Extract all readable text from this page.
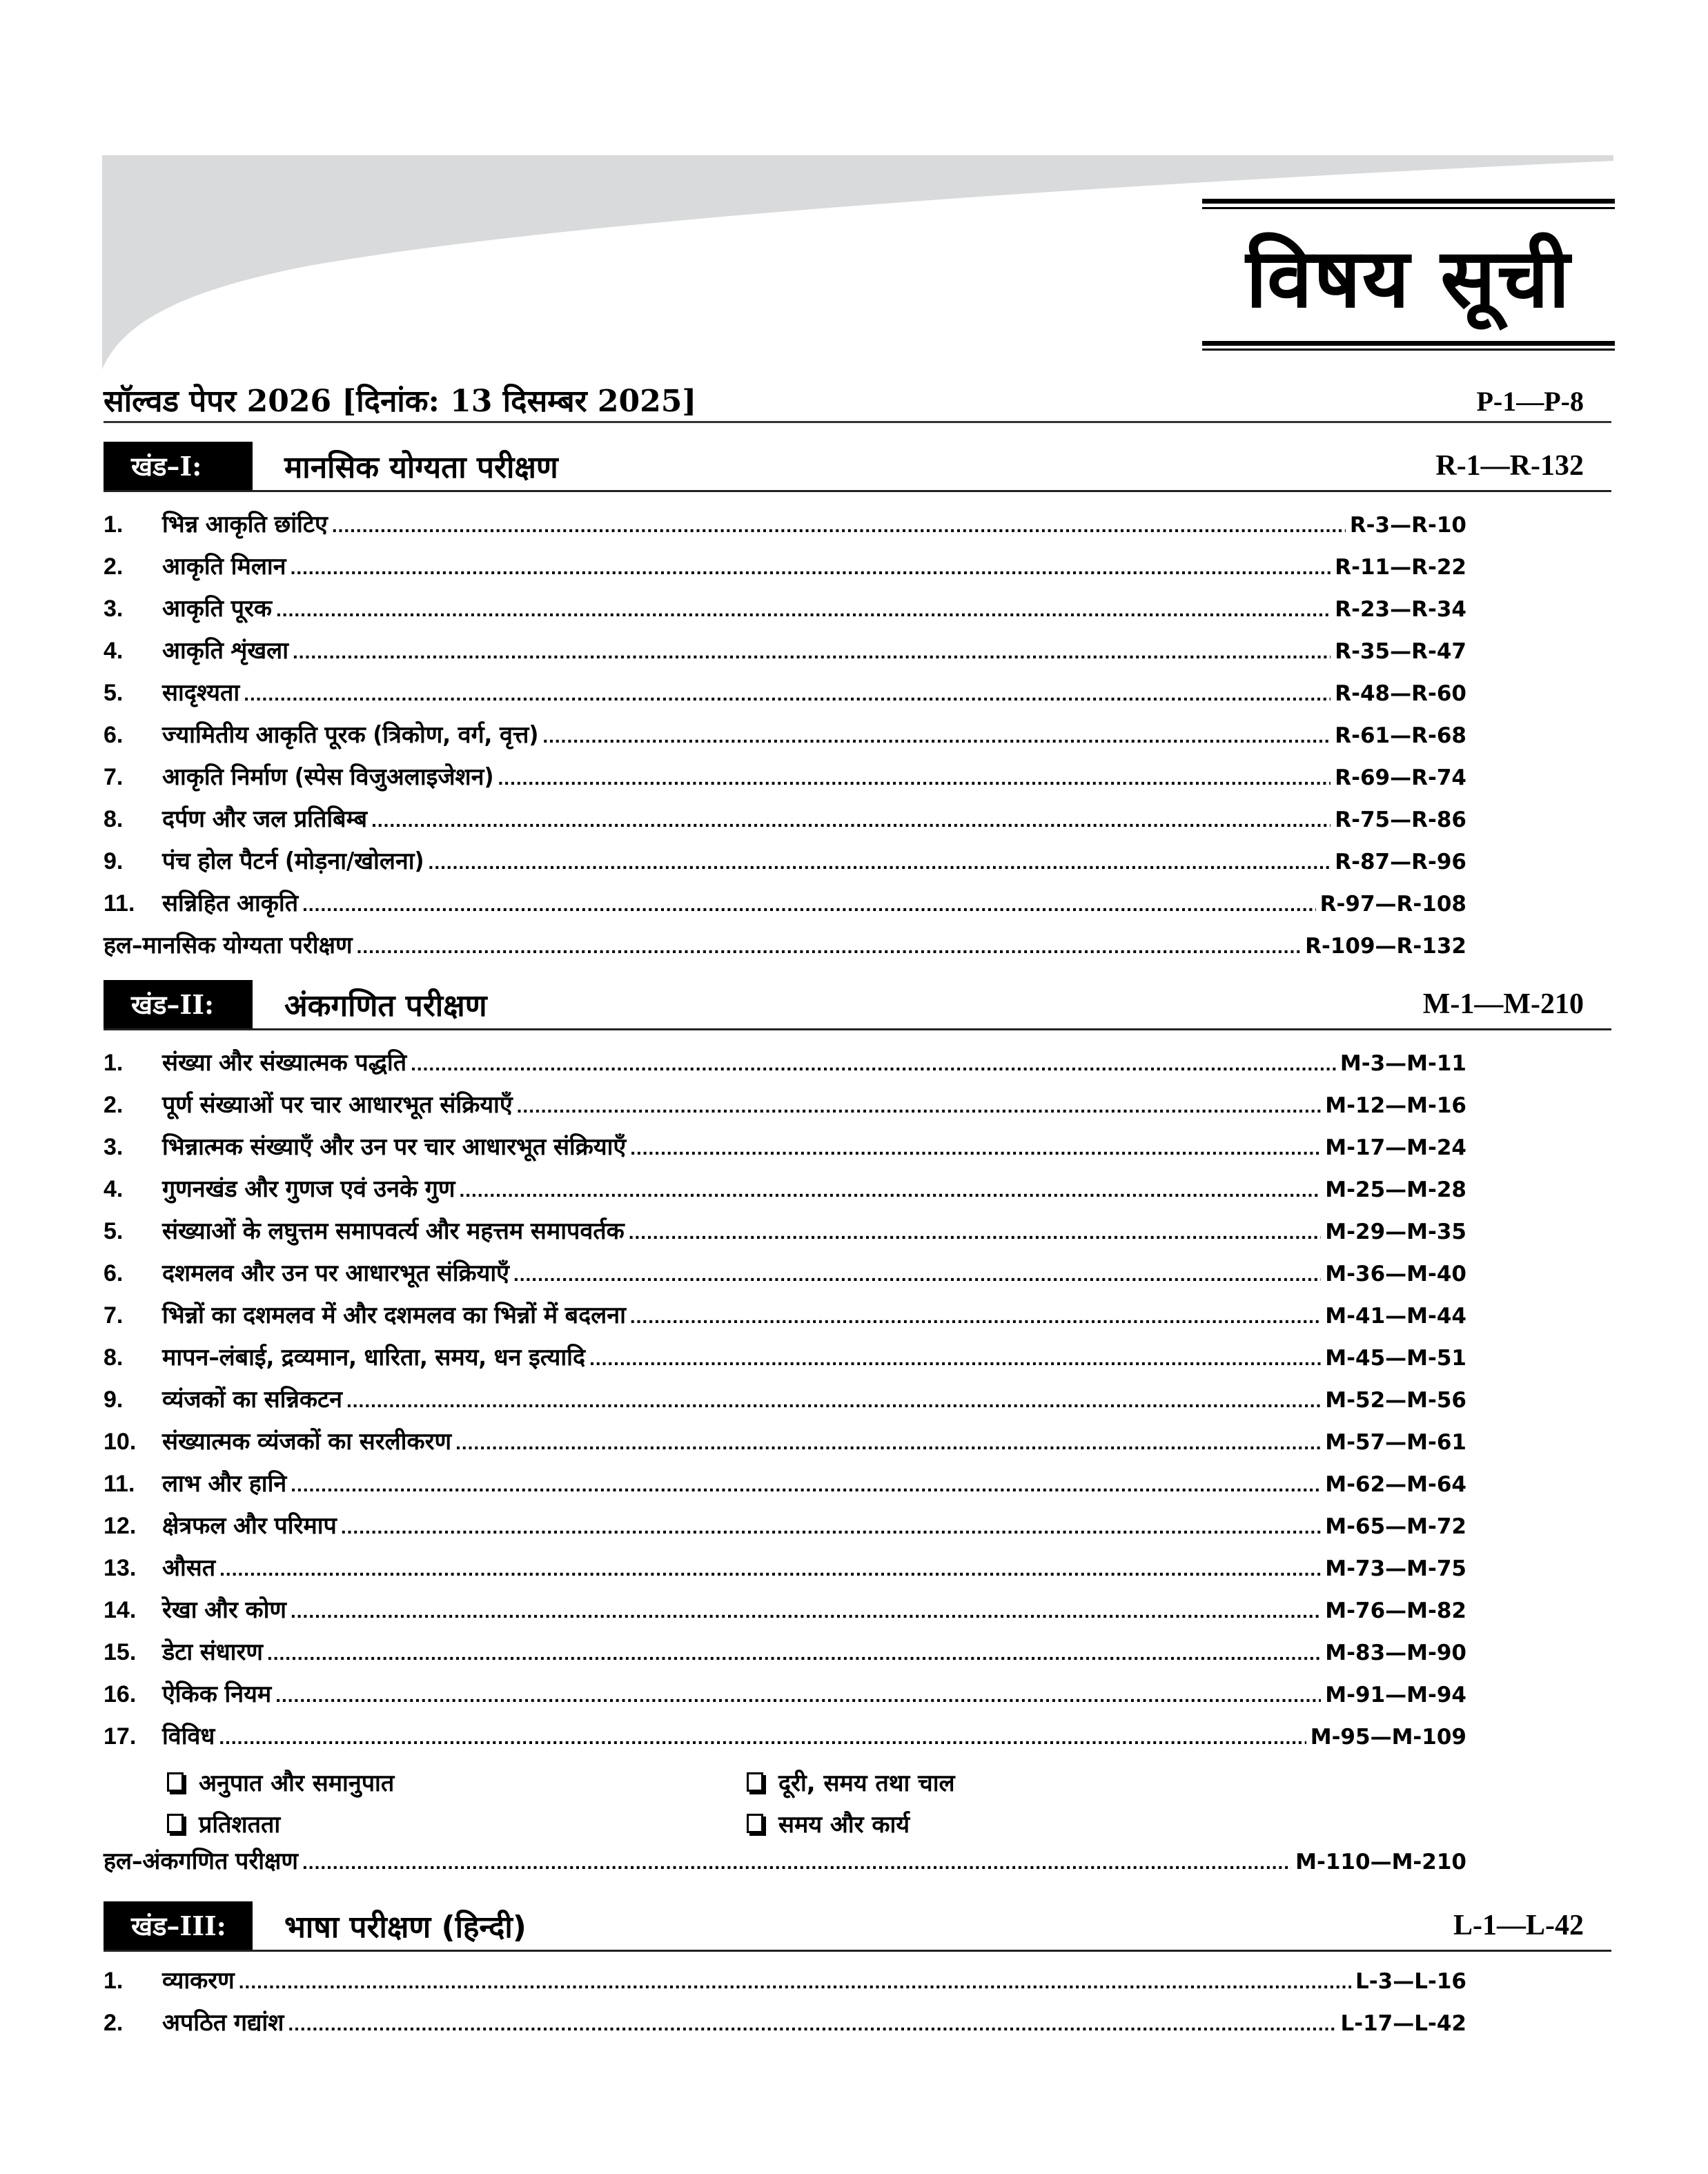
विषय सूची
सॉल्वड पेपर 2026 [दिनांक: 13 दिसम्बर 2025]	P-1—P-8
खंड–I:	मानसिक योग्यता परीक्षण	R-1—R-132
1.	भिन्न आकृति छांटिए .....	R-3—R-10
2.	आकृति मिलान .....	R-11—R-22
3.	आकृति पूरक .....	R-23—R-34
4.	आकृति शृंखला .....	R-35—R-47
5.	सादृश्यता .....	R-48—R-60
6.	ज्यामितीय आकृति पूरक (त्रिकोण, वर्ग, वृत्त) .....	R-61—R-68
7.	आकृति निर्माण (स्पेस विजुअलाइजेशन) .....	R-69—R-74
8.	दर्पण और जल प्रतिबिम्ब .....	R-75—R-86
9.	पंच होल पैटर्न (मोड़ना/खोलना) .....	R-87—R-96
11.	सन्निहित आकृति .....	R-97—R-108
हल–मानसिक योग्यता परीक्षण .....	R-109—R-132
खंड–II:	अंकगणित परीक्षण	M-1—M-210
1.	संख्या और संख्यात्मक पद्धति .....	M-3—M-11
2.	पूर्ण संख्याओं पर चार आधारभूत संक्रियाएँ .....	M-12—M-16
3.	भिन्नात्मक संख्याएँ और उन पर चार आधारभूत संक्रियाएँ .....	M-17—M-24
4.	गुणनखंड और गुणज एवं उनके गुण .....	M-25—M-28
5.	संख्याओं के लघुत्तम समापवर्त्य और महत्तम समापवर्तक .....	M-29—M-35
6.	दशमलव और उन पर आधारभूत संक्रियाएँ .....	M-36—M-40
7.	भिन्नों का दशमलव में और दशमलव का भिन्नों में बदलना .....	M-41—M-44
8.	मापन–लंबाई, द्रव्यमान, धारिता, समय, धन इत्यादि .....	M-45—M-51
9.	व्यंजकों का सन्निकटन .....	M-52—M-56
10.	संख्यात्मक व्यंजकों का सरलीकरण .....	M-57—M-61
11.	लाभ और हानि .....	M-62—M-64
12.	क्षेत्रफल और परिमाप .....	M-65—M-72
13.	औसत .....	M-73—M-75
14.	रेखा और कोण .....	M-76—M-82
15.	डेटा संधारण .....	M-83—M-90
16.	ऐकिक नियम .....	M-91—M-94
17.	विविध .....	M-95—M-109
अनुपात और समानुपात	दूरी, समय तथा चाल
प्रतिशतता	समय और कार्य
हल–अंकगणित परीक्षण .....	M-110—M-210
खंड–III:	भाषा परीक्षण (हिन्दी)	L-1—L-42
1.	व्याकरण .....	L-3—L-16
2.	अपठित गद्यांश .....	L-17—L-42
